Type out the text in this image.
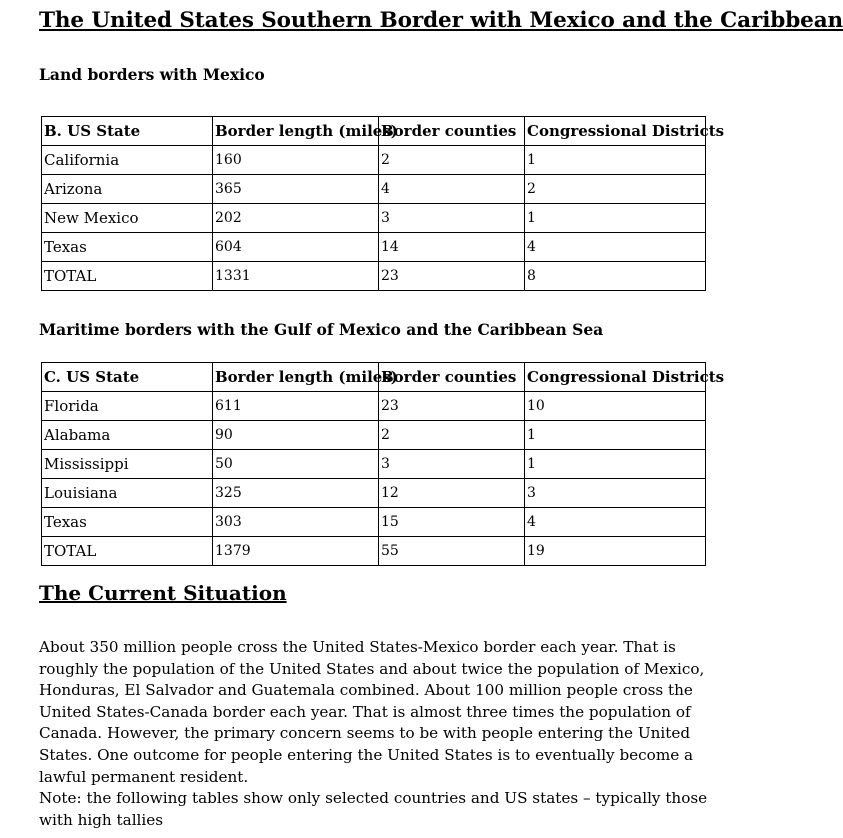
The United States Southern Border with Mexico and the Caribbean
Land borders with Mexico
B. US State	Border length (miles)	Border counties	Congressional Districts
California	160	2	1
Arizona	365	4	2
New Mexico	202	3	1
Texas	604	14	4
TOTAL	1331	23	8
Maritime borders with the Gulf of Mexico and the Caribbean Sea
C. US State	Border length (miles)	Border counties	Congressional Districts
Florida	611	23	10
Alabama	90	2	1
Mississippi	50	3	1
Louisiana	325	12	3
Texas	303	15	4
TOTAL	1379	55	19
The Current Situation

About 350 million people cross the United States-Mexico border each year. That is roughly the population of the United States and about twice the population of Mexico, Honduras, El Salvador and Guatemala combined. About 100 million people cross the United States-Canada border each year. That is almost three times the population of Canada. However, the primary concern seems to be with people entering the United States. One outcome for people entering the United States is to eventually become a lawful permanent resident.

Note: the following tables show only selected countries and US states – typically those with high tallies
